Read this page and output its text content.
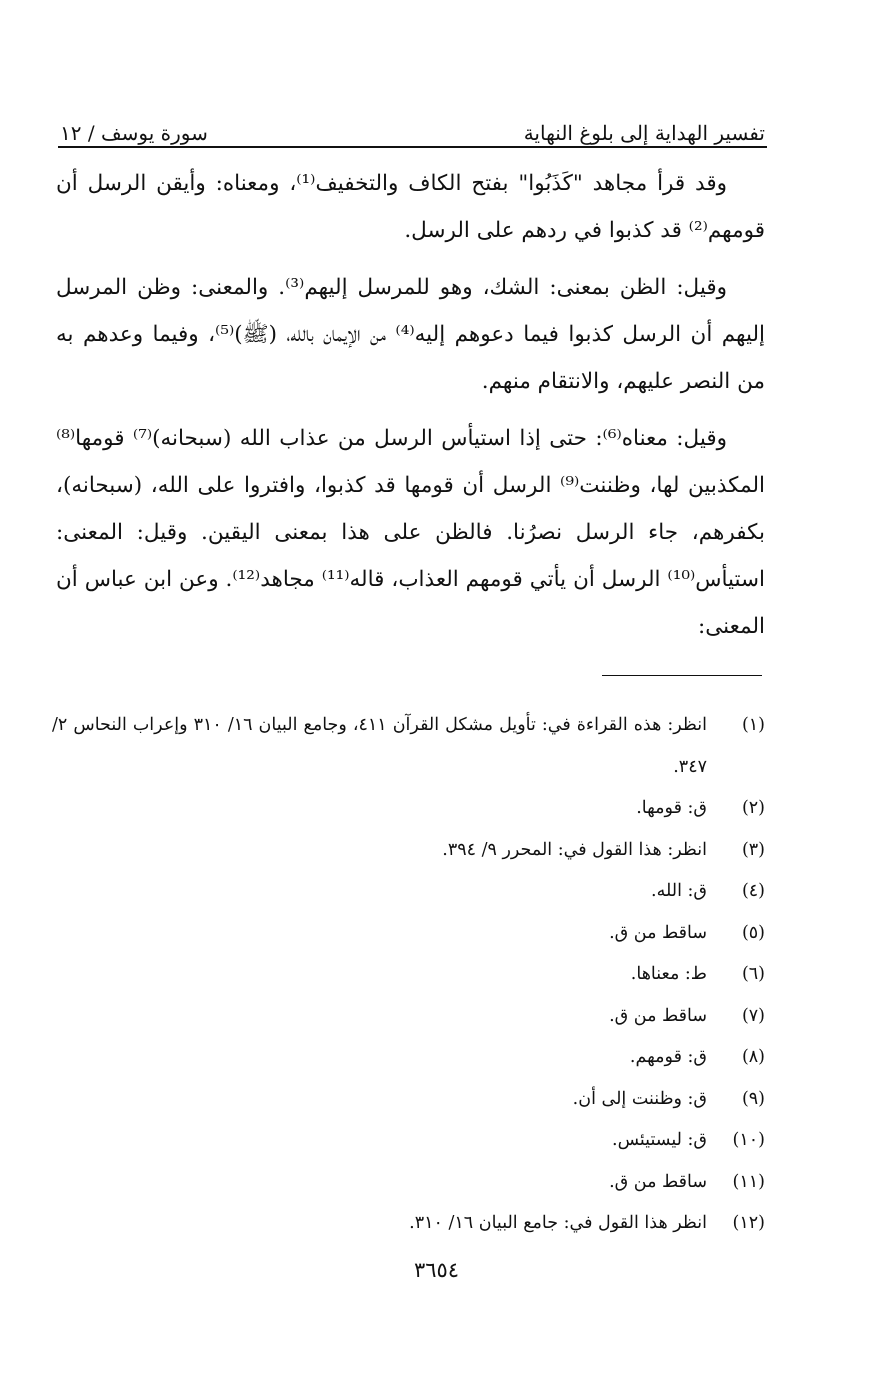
تفسير الهداية إلى بلوغ النهاية
سورة يوسف / ١٢

وقد قرأ مجاهد "كَذَبُوا" بفتح الكاف والتخفيف⁽¹⁾، ومعناه: وأيقن الرسل أن قومهم⁽²⁾ قد كذبوا في ردهم على الرسل.

وقيل: الظن بمعنى: الشك، وهو للمرسل إليهم⁽³⁾. والمعنى: وظن المرسل إليهم أن الرسل كذبوا فيما دعوهم إليه⁽⁴⁾ من الإيمان بالله، (ﷺ)⁽⁵⁾، وفيما وعدهم به من النصر عليهم، والانتقام منهم.

وقيل: معناه⁽⁶⁾: حتى إذا استيأس الرسل من عذاب الله (سبحانه)⁽⁷⁾ قومها⁽⁸⁾ المكذبين لها، وظننت⁽⁹⁾ الرسل أن قومها قد كذبوا، وافتروا على الله، (سبحانه)، بكفرهم، جاء الرسل نصرُنا. فالظن على هذا بمعنى اليقين. وقيل: المعنى: استيأس⁽¹⁰⁾ الرسل أن يأتي قومهم العذاب، قاله⁽¹¹⁾ مجاهد⁽¹²⁾. وعن ابن عباس أن المعنى:

(١)
انظر: هذه القراءة في: تأويل مشكل القرآن ٤١١، وجامع البيان ١٦/ ٣١٠ وإعراب النحاس ٢/ ٣٤٧.
(٢)
ق: قومها.
(٣)
انظر: هذا القول في: المحرر ٩/ ٣٩٤.
(٤)
ق: الله.
(٥)
ساقط من ق.
(٦)
ط: معناها.
(٧)
ساقط من ق.
(٨)
ق: قومهم.
(٩)
ق: وظننت إلى أن.
(١٠)
ق: ليستيئس.
(١١)
ساقط من ق.
(١٢)
انظر هذا القول في: جامع البيان ١٦/ ٣١٠.
٣٦٥٤
